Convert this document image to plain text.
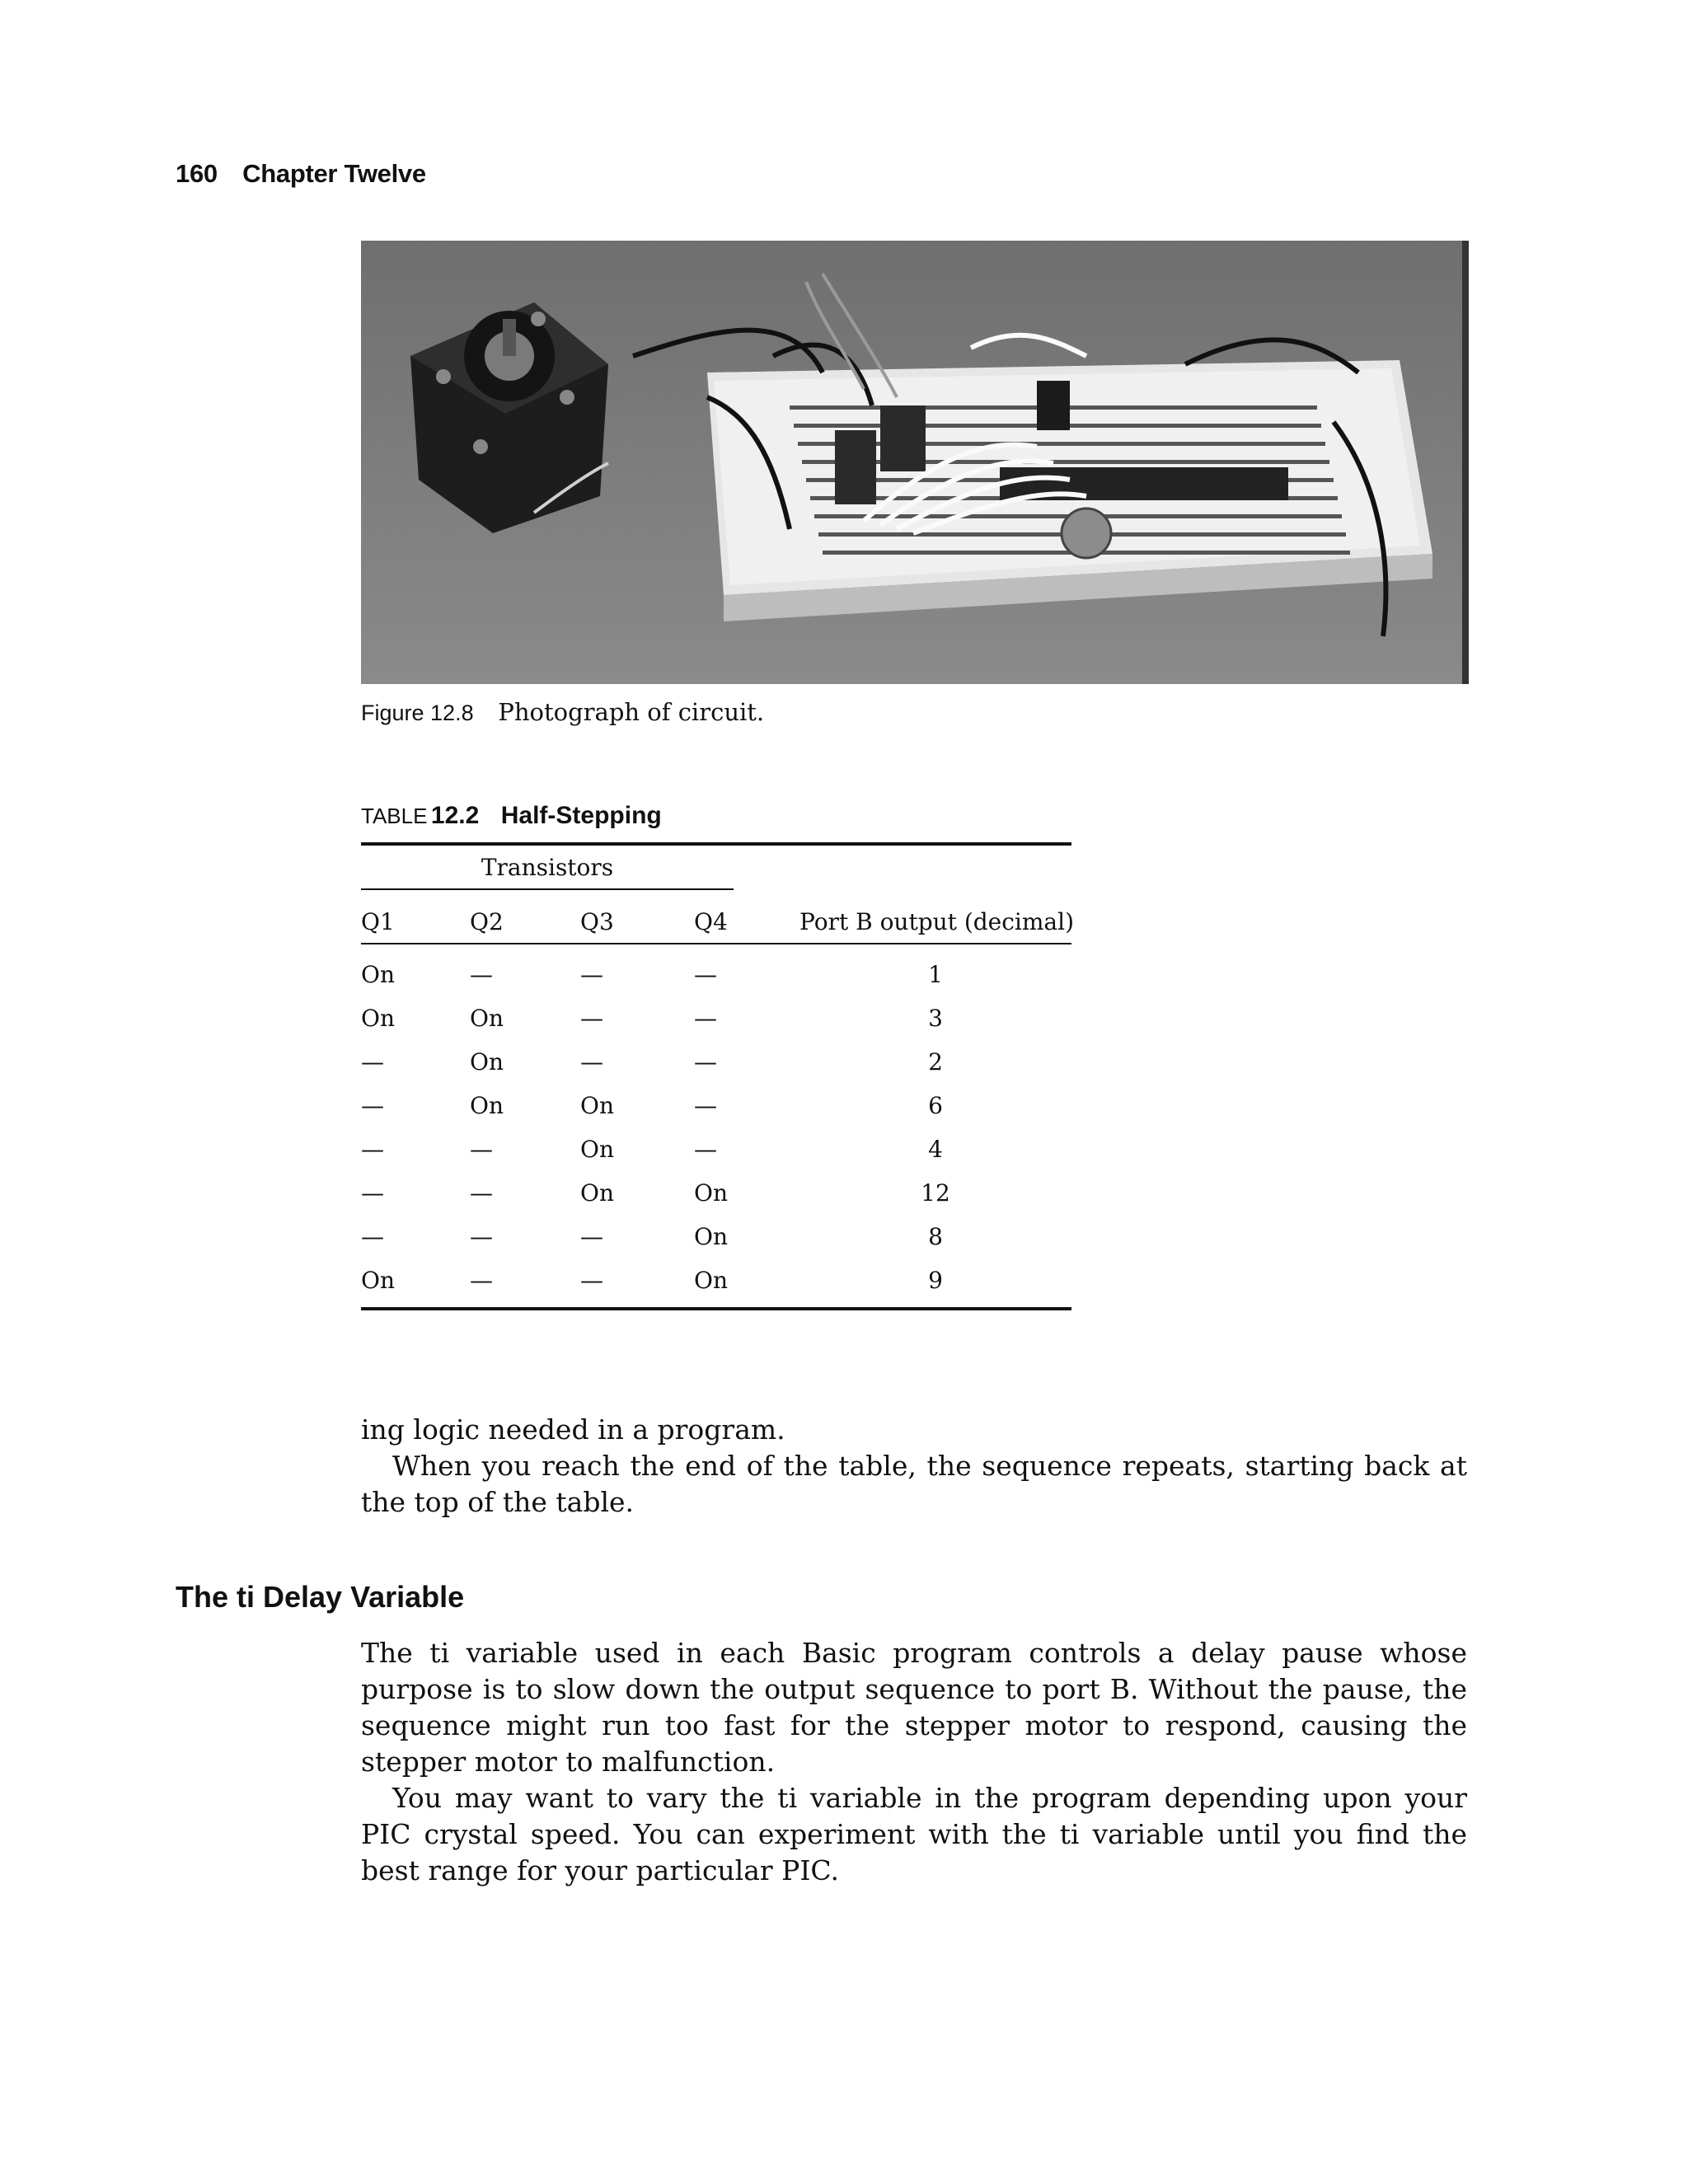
160 Chapter Twelve
Figure 12.8 Photograph of circuit.
TABLE 12.2 Half-Stepping
Transistors
Q1	Q2	Q3	Q4	Port B output (decimal)
On	—	—	—	1
On	On	—	—	3
—	On	—	—	2
—	On	On	—	6
—	—	On	—	4
—	—	On	On	12
—	—	—	On	8
On	—	—	On	9

ing logic needed in a program.

When you reach the end of the table, the sequence repeats, starting back at the top of the table.

The ti Delay Variable

The ti variable used in each Basic program controls a delay pause whose purpose is to slow down the output sequence to port B. Without the pause, the sequence might run too fast for the stepper motor to respond, causing the stepper motor to malfunction.

You may want to vary the ti variable in the program depending upon your PIC crystal speed. You can experiment with the ti variable until you find the best range for your particular PIC.
